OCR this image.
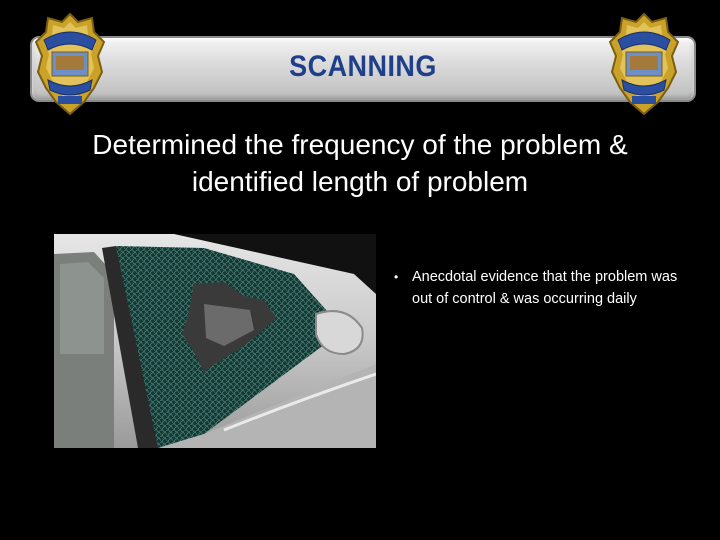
SCANNING
Determined the frequency of the problem & identified length of problem
• Anecdotal evidence that the problem was out of control & was occurring daily
